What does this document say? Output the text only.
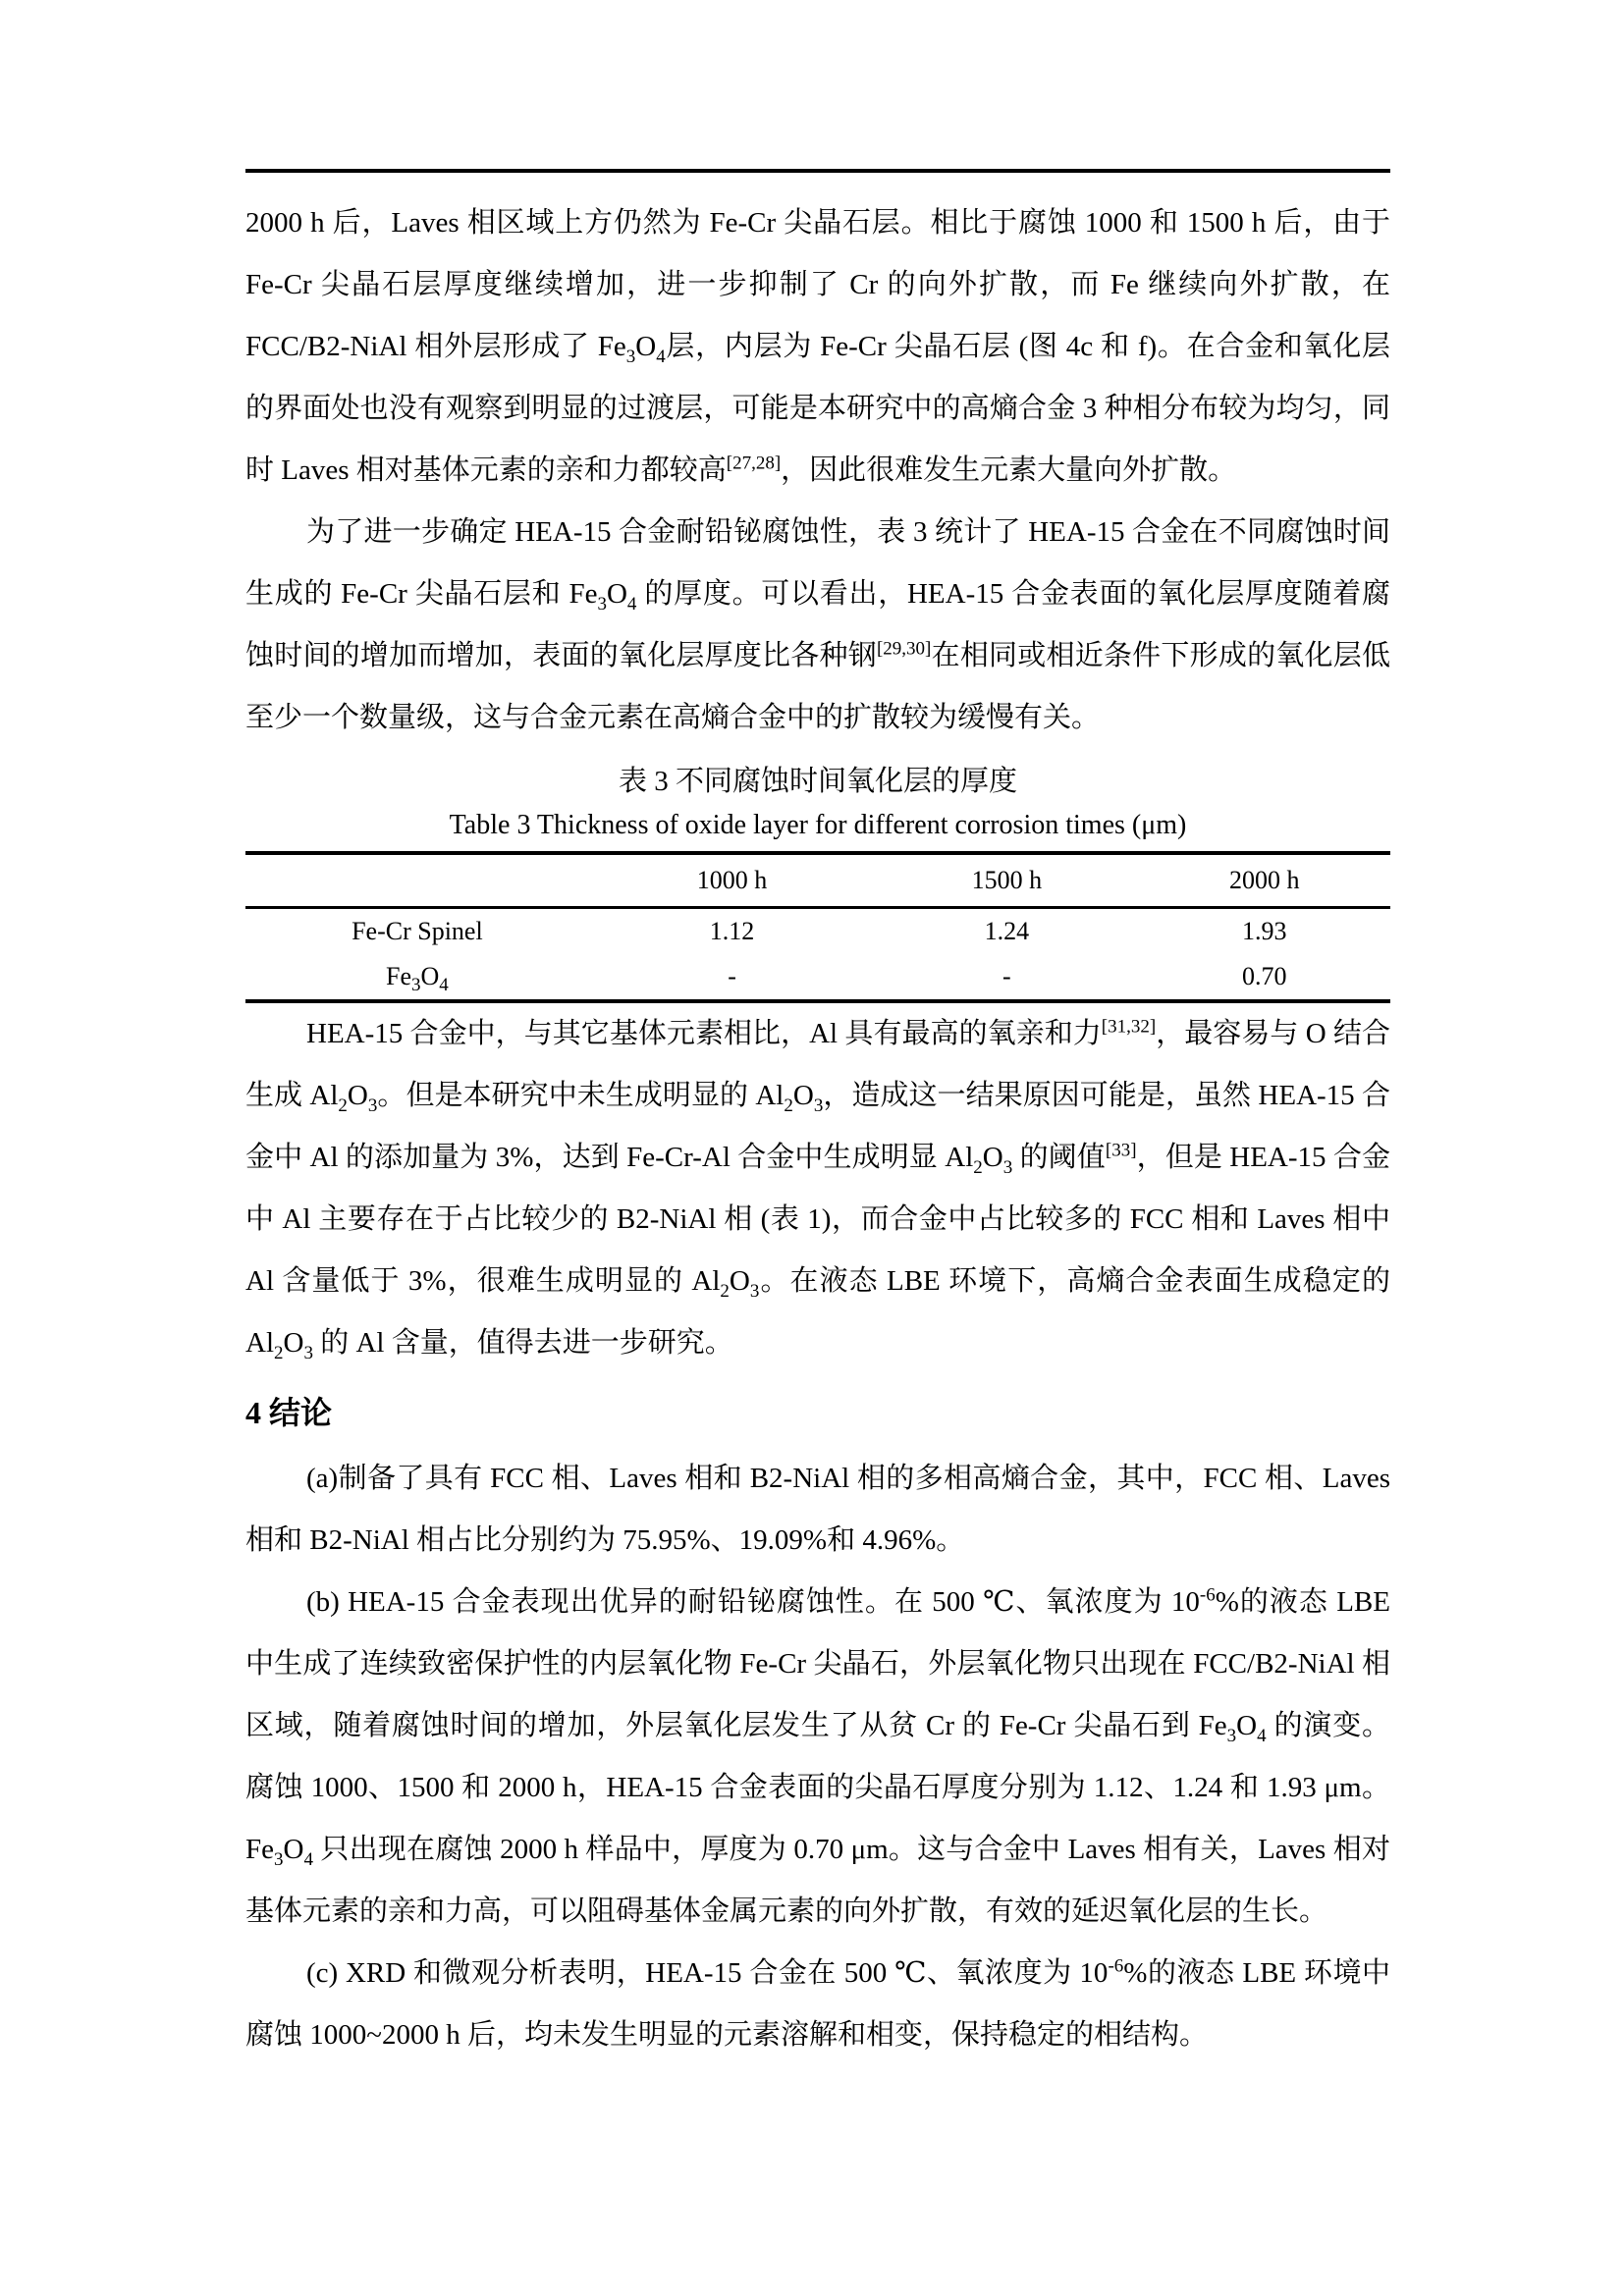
2000 h 后，Laves 相区域上方仍然为 Fe-Cr 尖晶石层。相比于腐蚀 1000 和 1500 h 后，由于 Fe-Cr 尖晶石层厚度继续增加，进一步抑制了 Cr 的向外扩散，而 Fe 继续向外扩散，在 FCC/B2-NiAl 相外层形成了 $Fe_3O_4$层，内层为 Fe-Cr 尖晶石层 (图 4c 和 f)。在合金和氧化层的界面处也没有观察到明显的过渡层，可能是本研究中的高熵合金 3 种相分布较为均匀，同时 Laves 相对基体元素的亲和力都较高[27,28]，因此很难发生元素大量向外扩散。

为了进一步确定 HEA-15 合金耐铅铋腐蚀性，表 3 统计了 HEA-15 合金在不同腐蚀时间生成的 Fe-Cr 尖晶石层和 $Fe_3O_4$ 的厚度。可以看出，HEA-15 合金表面的氧化层厚度随着腐蚀时间的增加而增加，表面的氧化层厚度比各种钢[29,30]在相同或相近条件下形成的氧化层低至少一个数量级，这与合金元素在高熵合金中的扩散较为缓慢有关。

表 3 不同腐蚀时间氧化层的厚度
Table 3 Thickness of oxide layer for different corrosion times (μm)
	1000 h	1500 h	2000 h
Fe-Cr Spinel	1.12	1.24	1.93
$Fe_3O_4$	-	-	0.70

HEA-15 合金中，与其它基体元素相比，Al 具有最高的氧亲和力[31,32]，最容易与 O 结合生成 $Al_2O_3$。但是本研究中未生成明显的 $Al_2O_3$，造成这一结果原因可能是，虽然 HEA-15 合金中 Al 的添加量为 3%，达到 Fe-Cr-Al 合金中生成明显 $Al_2O_3$ 的阈值[33]，但是 HEA-15 合金中 Al 主要存在于占比较少的 B2-NiAl 相 (表 1)，而合金中占比较多的 FCC 相和 Laves 相中 Al 含量低于 3%，很难生成明显的 $Al_2O_3$。在液态 LBE 环境下，高熵合金表面生成稳定的 $Al_2O_3$ 的 Al 含量，值得去进一步研究。

4 结论

(a)制备了具有 FCC 相、Laves 相和 B2-NiAl 相的多相高熵合金，其中，FCC 相、Laves 相和 B2-NiAl 相占比分别约为 75.95%、19.09%和 4.96%。

(b) HEA-15 合金表现出优异的耐铅铋腐蚀性。在 500 ℃、氧浓度为 $10^{-6}\%$的液态 LBE 中生成了连续致密保护性的内层氧化物 Fe-Cr 尖晶石，外层氧化物只出现在 FCC/B2-NiAl 相区域，随着腐蚀时间的增加，外层氧化层发生了从贫 Cr 的 Fe-Cr 尖晶石到 $Fe_3O_4$ 的演变。腐蚀 1000、1500 和 2000 h，HEA-15 合金表面的尖晶石厚度分别为 1.12、1.24 和 1.93 μm。$Fe_3O_4$ 只出现在腐蚀 2000 h 样品中，厚度为 0.70 μm。这与合金中 Laves 相有关，Laves 相对基体元素的亲和力高，可以阻碍基体金属元素的向外扩散，有效的延迟氧化层的生长。

(c) XRD 和微观分析表明，HEA-15 合金在 500 ℃、氧浓度为 $10^{-6}\%$的液态 LBE 环境中腐蚀 1000~2000 h 后，均未发生明显的元素溶解和相变，保持稳定的相结构。
